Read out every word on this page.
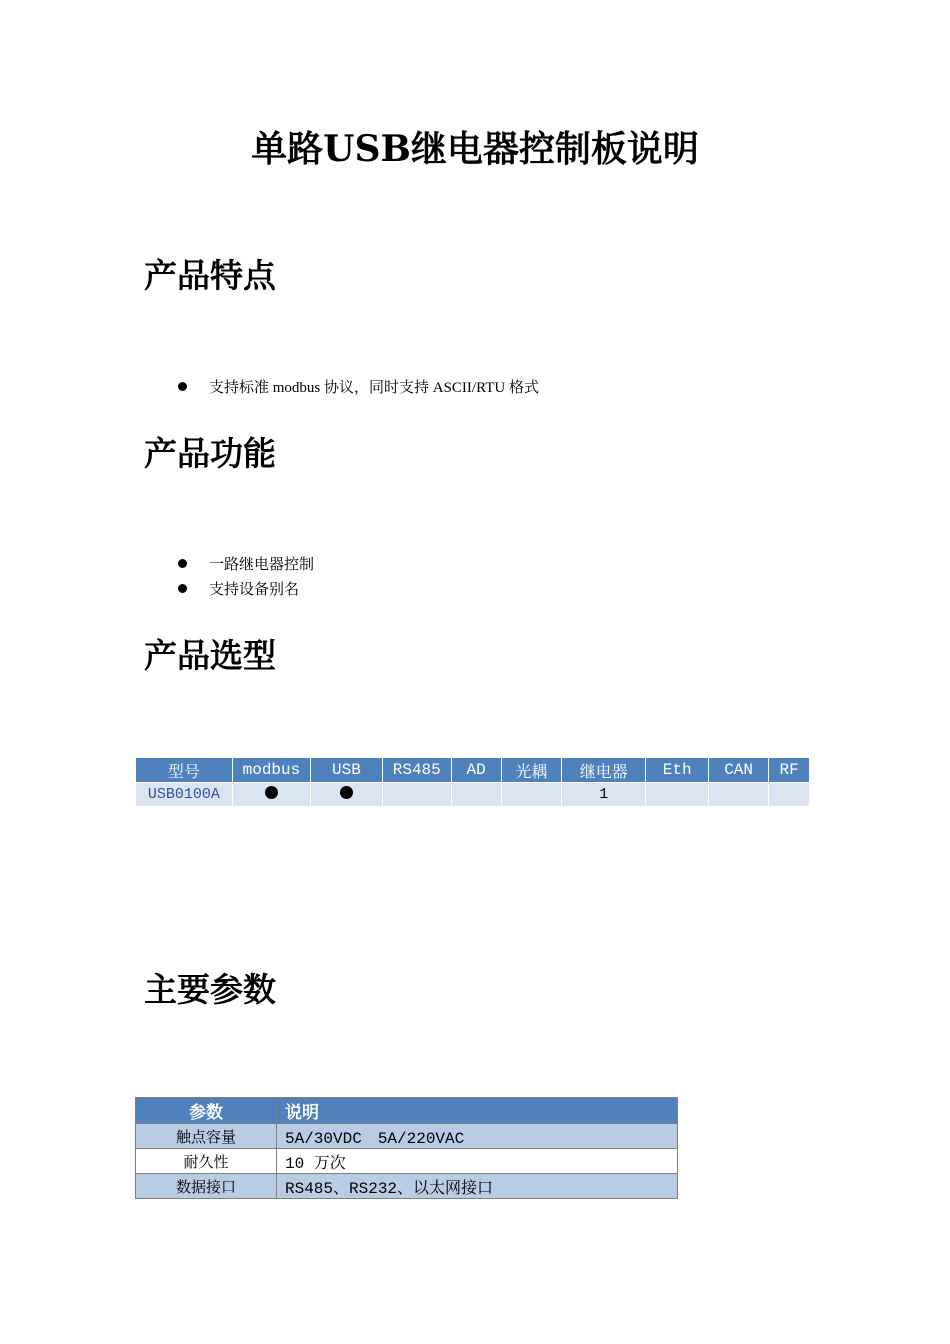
单路USB继电器控制板说明
产品特点
支持标准 modbus 协议，同时支持 ASCII/RTU 格式
产品功能
一路继电器控制
支持设备别名
产品选型
型号	modbus	USB	RS485	AD	光耦	继电器	Eth	CAN	RF
USB0100A						1			
主要参数
参数	说明
触点容量	5A/30VDC　5A/220VAC
耐久性	10 万次
数据接口	RS485、RS232、以太网接口
